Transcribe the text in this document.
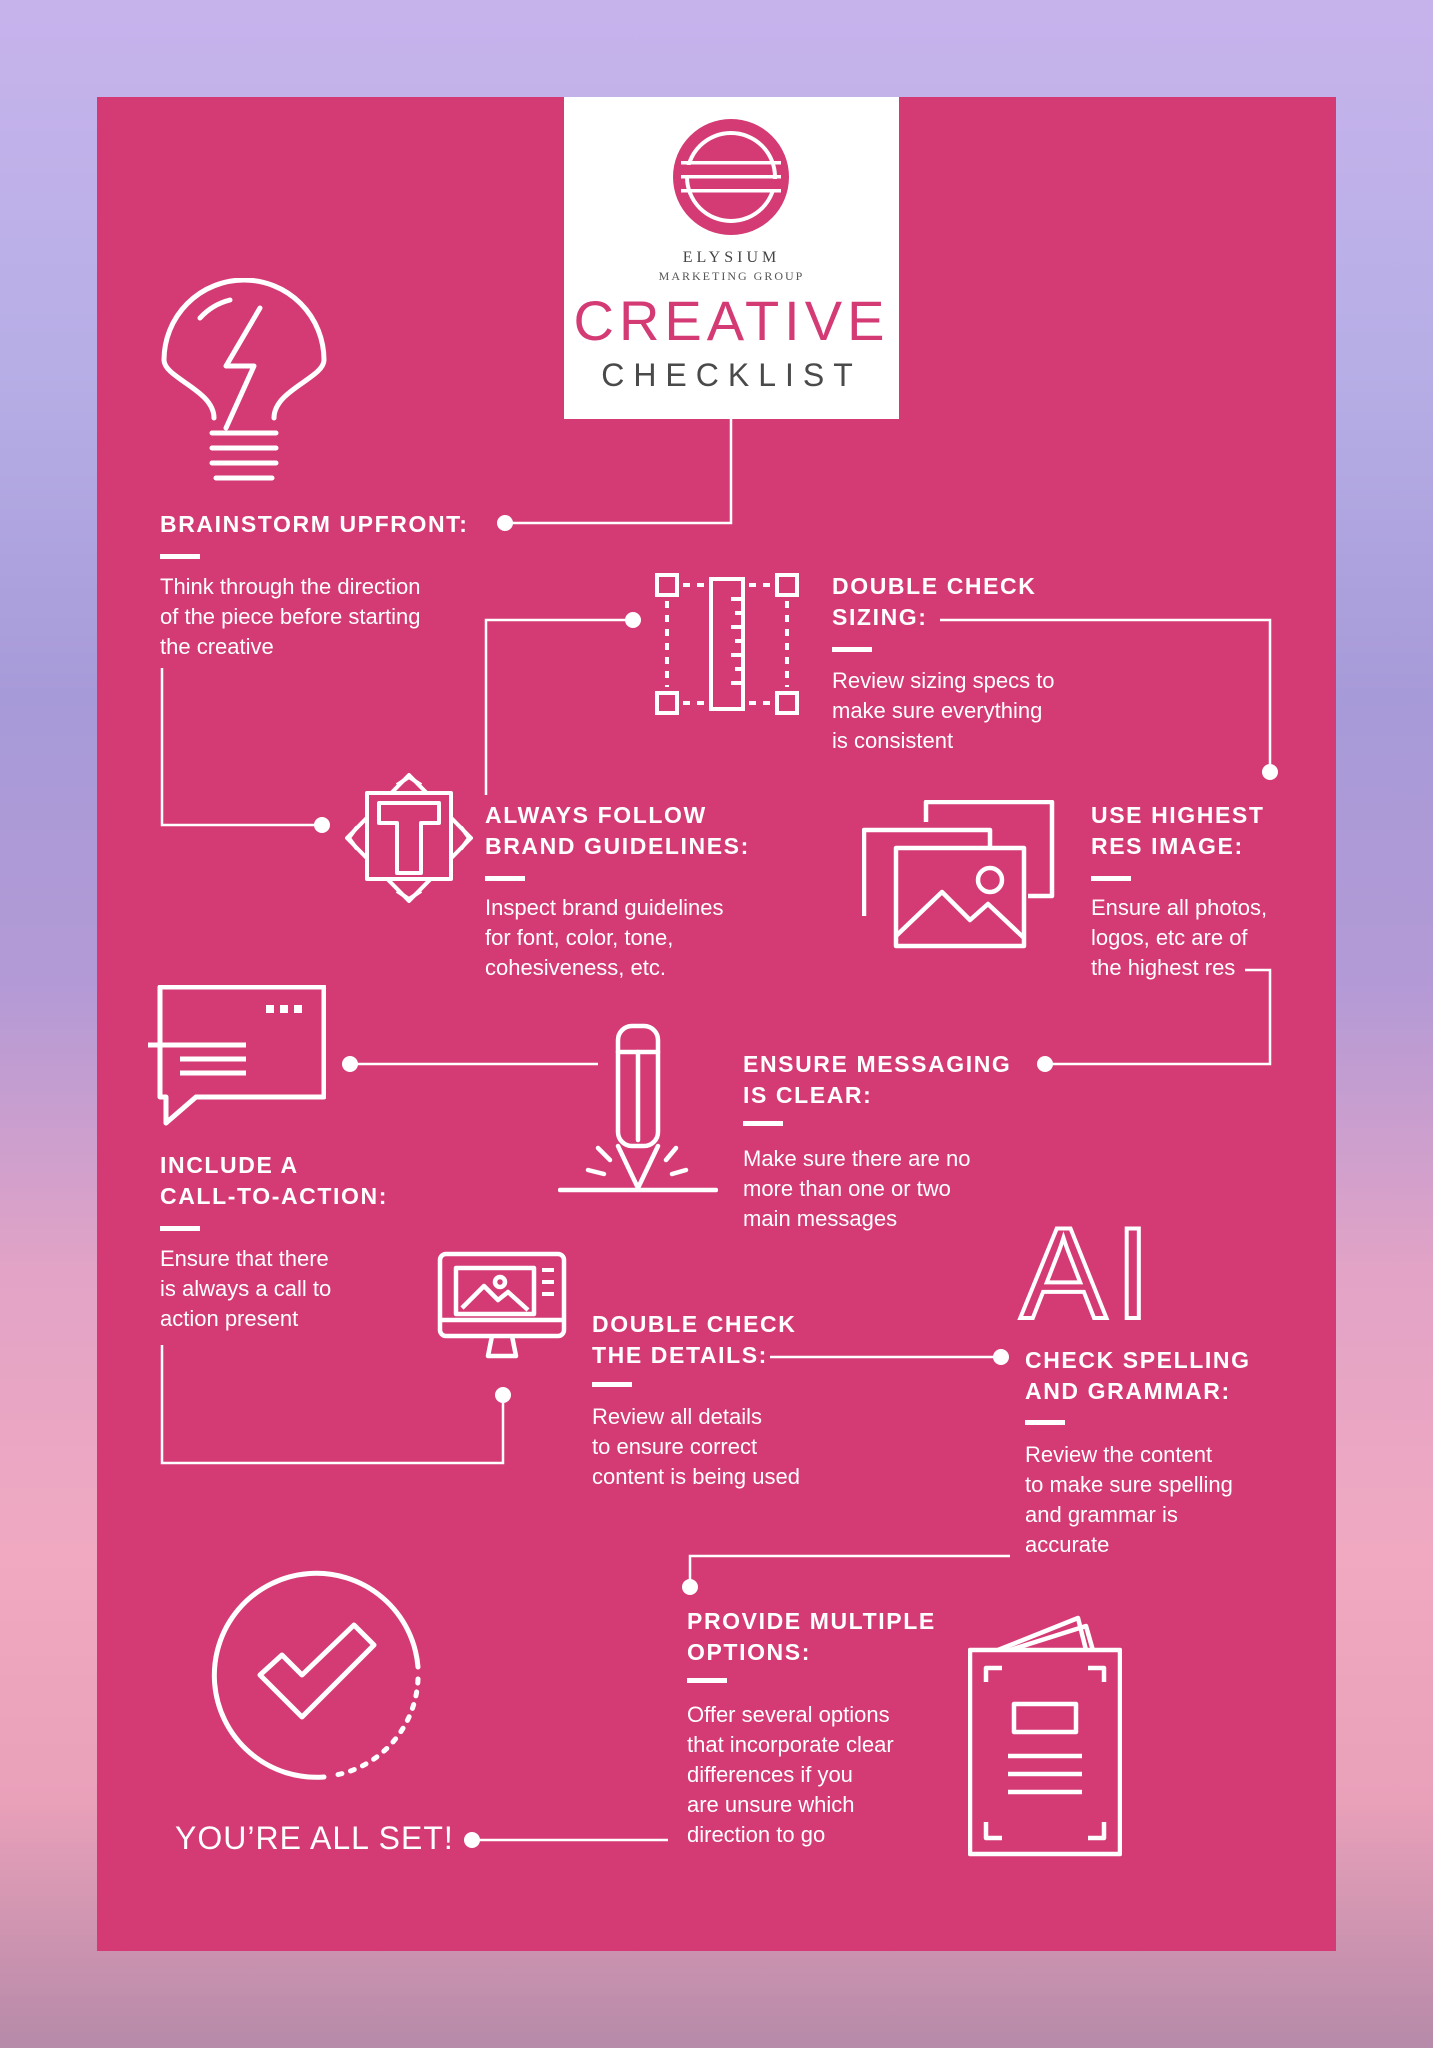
ELYSIUM
MARKETING GROUP
CREATIVE
CHECKLIST
AI
BRAINSTORM UPFRONT:
Think through the direction
of the piece before starting
the creative
DOUBLE CHECK
SIZING:
Review sizing specs to
make sure everything
is consistent
ALWAYS FOLLOW
BRAND GUIDELINES:
Inspect brand guidelines
for font, color, tone,
cohesiveness, etc.
USE HIGHEST
RES IMAGE:
Ensure all photos,
logos, etc are of
the highest res
ENSURE MESSAGING
IS CLEAR:
Make sure there are no
more than one or two
main messages
INCLUDE A
CALL-TO-ACTION:
Ensure that there
is always a call to
action present	DOUBLE CHECK
THE DETAILS:
Review all details
to ensure correct
content is being used
CHECK SPELLING
AND GRAMMAR:
Review the content
to make sure spelling
and grammar is
accurate
PROVIDE MULTIPLE
OPTIONS:
Offer several options
that incorporate clear
differences if you
are unsure which
direction to go
YOU’RE ALL SET!
